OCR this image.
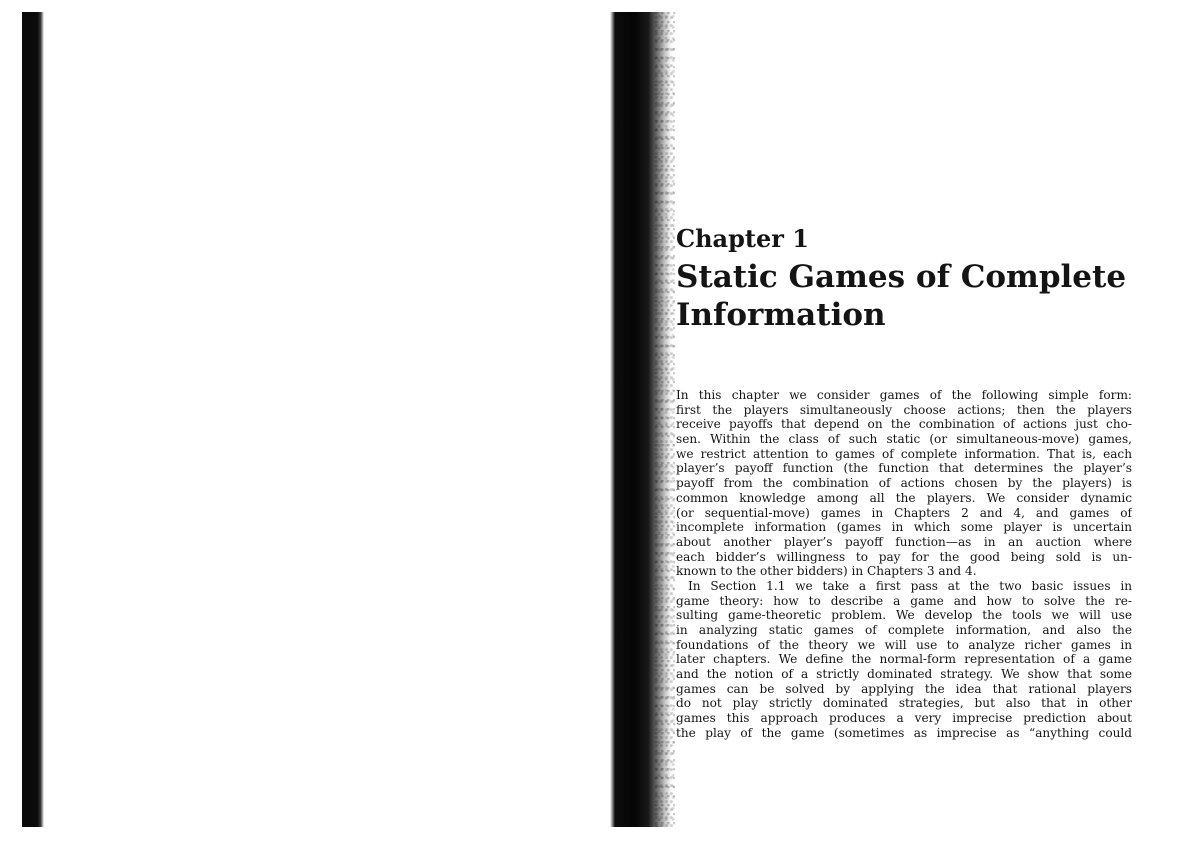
Chapter 1
Static Games of Complete
Information
In this chapter we consider games of the following simple form:
first the players simultaneously choose actions; then the players
receive payoffs that depend on the combination of actions just cho-
sen. Within the class of such static (or simultaneous-move) games,
we restrict attention to games of complete information. That is, each
player’s payoff function (the function that determines the player’s
payoff from the combination of actions chosen by the players) is
common knowledge among all the players. We consider dynamic
(or sequential-move) games in Chapters 2 and 4, and games of
incomplete information (games in which some player is uncertain
about another player’s payoff function—as in an auction where
each bidder’s willingness to pay for the good being sold is un-
known to the other bidders) in Chapters 3 and 4.
In Section 1.1 we take a first pass at the two basic issues in
game theory: how to describe a game and how to solve the re-
sulting game-theoretic problem. We develop the tools we will use
in analyzing static games of complete information, and also the
foundations of the theory we will use to analyze richer games in
later chapters. We define the normal-form representation of a game
and the notion of a strictly dominated strategy. We show that some
games can be solved by applying the idea that rational players
do not play strictly dominated strategies, but also that in other
games this approach produces a very imprecise prediction about
the play of the game (sometimes as imprecise as “anything could
